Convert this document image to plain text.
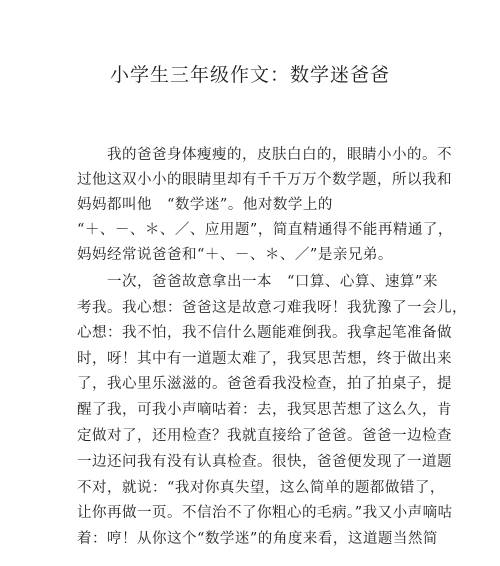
小学生三年级作文：数学迷爸爸
　　我的爸爸身体瘦瘦的，皮肤白白的，眼睛小小的。不
过他这双小小的眼睛里却有千千万万个数学题，所以我和
妈妈都叫他　“数学迷”。他对数学上的
“＋、－、＊、／、应用题”，简直精通得不能再精通了，
妈妈经常说爸爸和“＋、－、＊、／”是亲兄弟。
　　一次，爸爸故意拿出一本　“口算、心算、速算”来
考我。我心想：爸爸这是故意刁难我呀！我犹豫了一会儿，
心想：我不怕，我不信什么题能难倒我。我拿起笔准备做
时，呀！其中有一道题太难了，我冥思苦想，终于做出来
了，我心里乐滋滋的。爸爸看我没检查，拍了拍桌子，提
醒了我，可我小声嘀咕着：去，我冥思苦想了这么久，肯
定做对了，还用检查？我就直接给了爸爸。爸爸一边检查
一边还问我有没有认真检查。很快，爸爸便发现了一道题
不对，就说：“我对你真失望，这么简单的题都做错了，
让你再做一页。不信治不了你粗心的毛病。”我又小声嘀咕
着：哼！从你这个“数学迷”的角度来看，这道题当然简
